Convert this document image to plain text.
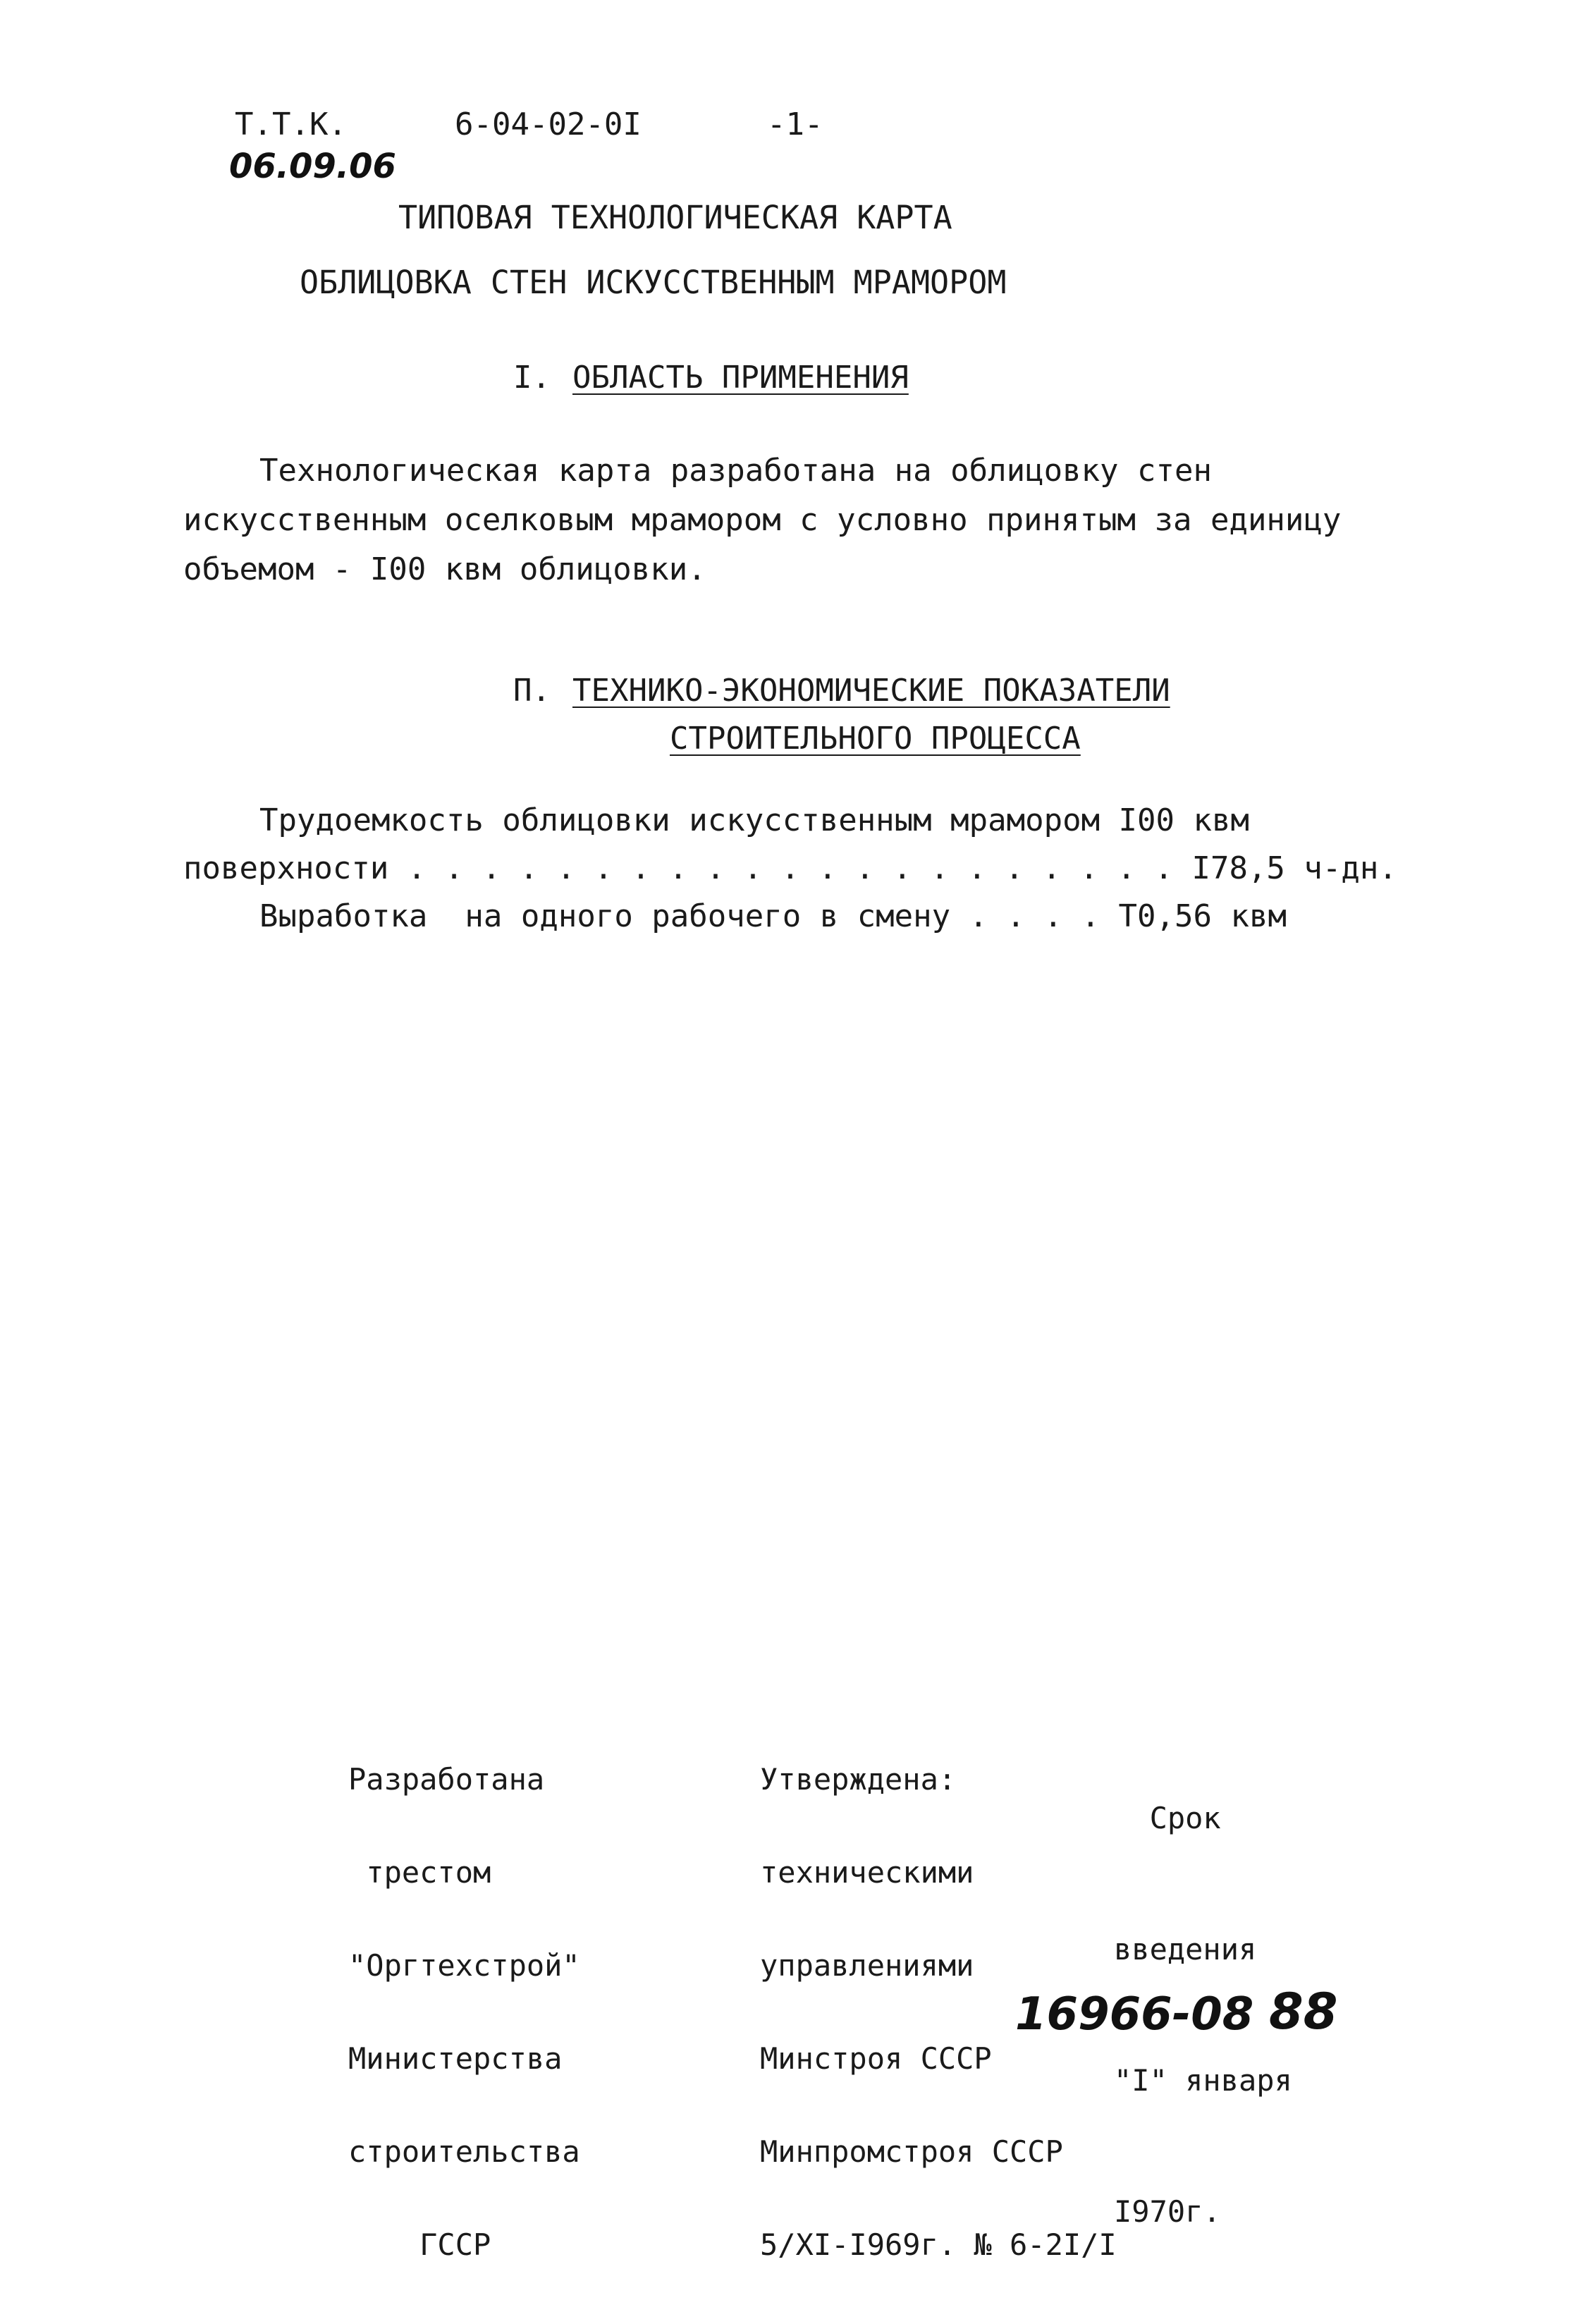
Т.Т.К.	6-04-02-0I	-1-
06.09.06
ТИПОВАЯ ТЕХНОЛОГИЧЕСКАЯ КАРТА
ОБЛИЦОВКА СТЕН ИСКУССТВЕННЫМ МРАМОРОМ
I. ОБЛАСТЬ ПРИМЕНЕНИЯ
Технологическая карта разработана на облицовку стен
искусственным оселковым мрамором с условно принятым за единицу
объемом - I00 квм облицовки.
П. ТЕХНИКО-ЭКОНОМИЧЕСКИЕ ПОКАЗАТЕЛИ
СТРОИТЕЛЬНОГО ПРОЦЕССА
Трудоемкость облицовки искусственным мрамором I00 квм
поверхности . . . . . . . . . . . . . . . . . . . . . I78,5 ч-дн.
Выработка  на одного рабочего в смену . . . . Т0,56 квм

Разработана

трестом

"Оргтехстрой"

Министерства

строительства

ГССР

Утверждена:

техническими

управлениями

Минстроя СССР

Минпромстроя СССР

5/XI-I969г. № 6-2I/I

Срок

введения

"I" января

I970г.

16966-08 88
